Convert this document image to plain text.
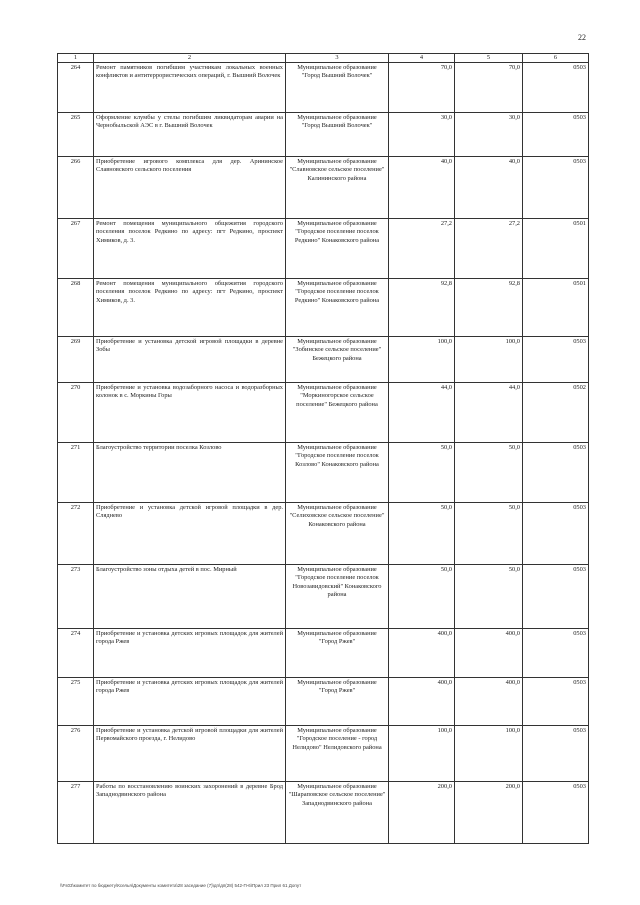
22
1	2	3	4	5	6
264	Ремонт памятников погибшим участникам локальных военных конфликтов и антитеррористических операций, г. Вышний Волочек	Муниципальное образование "Город Вышний Волочек"	70,0	70,0	0503
265	Оформление клумбы у стелы погибшим ликвидаторам аварии на Чернобыльской АЭС в г. Вышний Волочек	Муниципальное образование "Город Вышний Волочек"	30,0	30,0	0503
266	Приобретение игрового комплекса для дер. Арининское Славновского сельского поселения	Муниципальное образование "Славновское сельское поселение" Калининского района	40,0	40,0	0503
267	Ремонт помещения муниципального общежития городского поселения поселок Редкино по адресу: пгт Редкино, проспект Химиков, д. 3.	Муниципальное образование "Городское поселение поселок Редкино" Конаковского района	27,2	27,2	0501
268	Ремонт помещения муниципального общежития городского поселения поселок Редкино по адресу: пгт Редкино, проспект Химиков, д. 3.	Муниципальное образование "Городское поселение поселок Редкино" Конаковского района	92,8	92,8	0501
269	Приобретение и установка детской игровой площадки в деревне Зобы	Муниципальное образование "Зобинское сельское поселение" Бежецкого района	100,0	100,0	0503
270	Приобретение и установка водозаборного насоса и водоразборных колонок в с. Моркины Горы	Муниципальное образование "Моркиногорское сельское поселение" Бежецкого района	44,0	44,0	0502
271	Благоустройство территории поселка Козлово	Муниципальное образование "Городское поселение поселок Козлово" Конаковского района	50,0	50,0	0503
272	Приобретение и установка детской игровой площадки в дер. Сляднево	Муниципальное образование "Селиховское сельское поселение" Конаковского района	50,0	50,0	0503
273	Благоустройство зоны отдыха детей в пос. Мирный	Муниципальное образование "Городское поселение поселок Новозавидовский" Конаковского района	50,0	50,0	0503
274	Приобретение и установка детских игровых площадок для жителей города Ржев	Муниципальное образование "Город Ржев"	400,0	400,0	0503
275	Приобретение и установка детских игровых площадок для жителей города Ржев	Муниципальное образование "Город Ржев"	400,0	400,0	0503
276	Приобретение и установка детской игровой площадки для жителей Первомайского проезда, г. Нелидово	Муниципальное образование "Городское поселение - город Нелидово" Нелидовского района	100,0	100,0	0503
277	Работы по восстановлению воинских захоронений в деревне Брод Западнодвинского района	Муниципальное образование "Шараповское сельское поселение" Западнодвинского района	200,0	200,0	0503
\\Fs03\комитет по бюджету\Кселья\Документы комитета\28 заседание (7)\дп\дп(28) 542-П-6\Прил 23 Прил 61 Допут
